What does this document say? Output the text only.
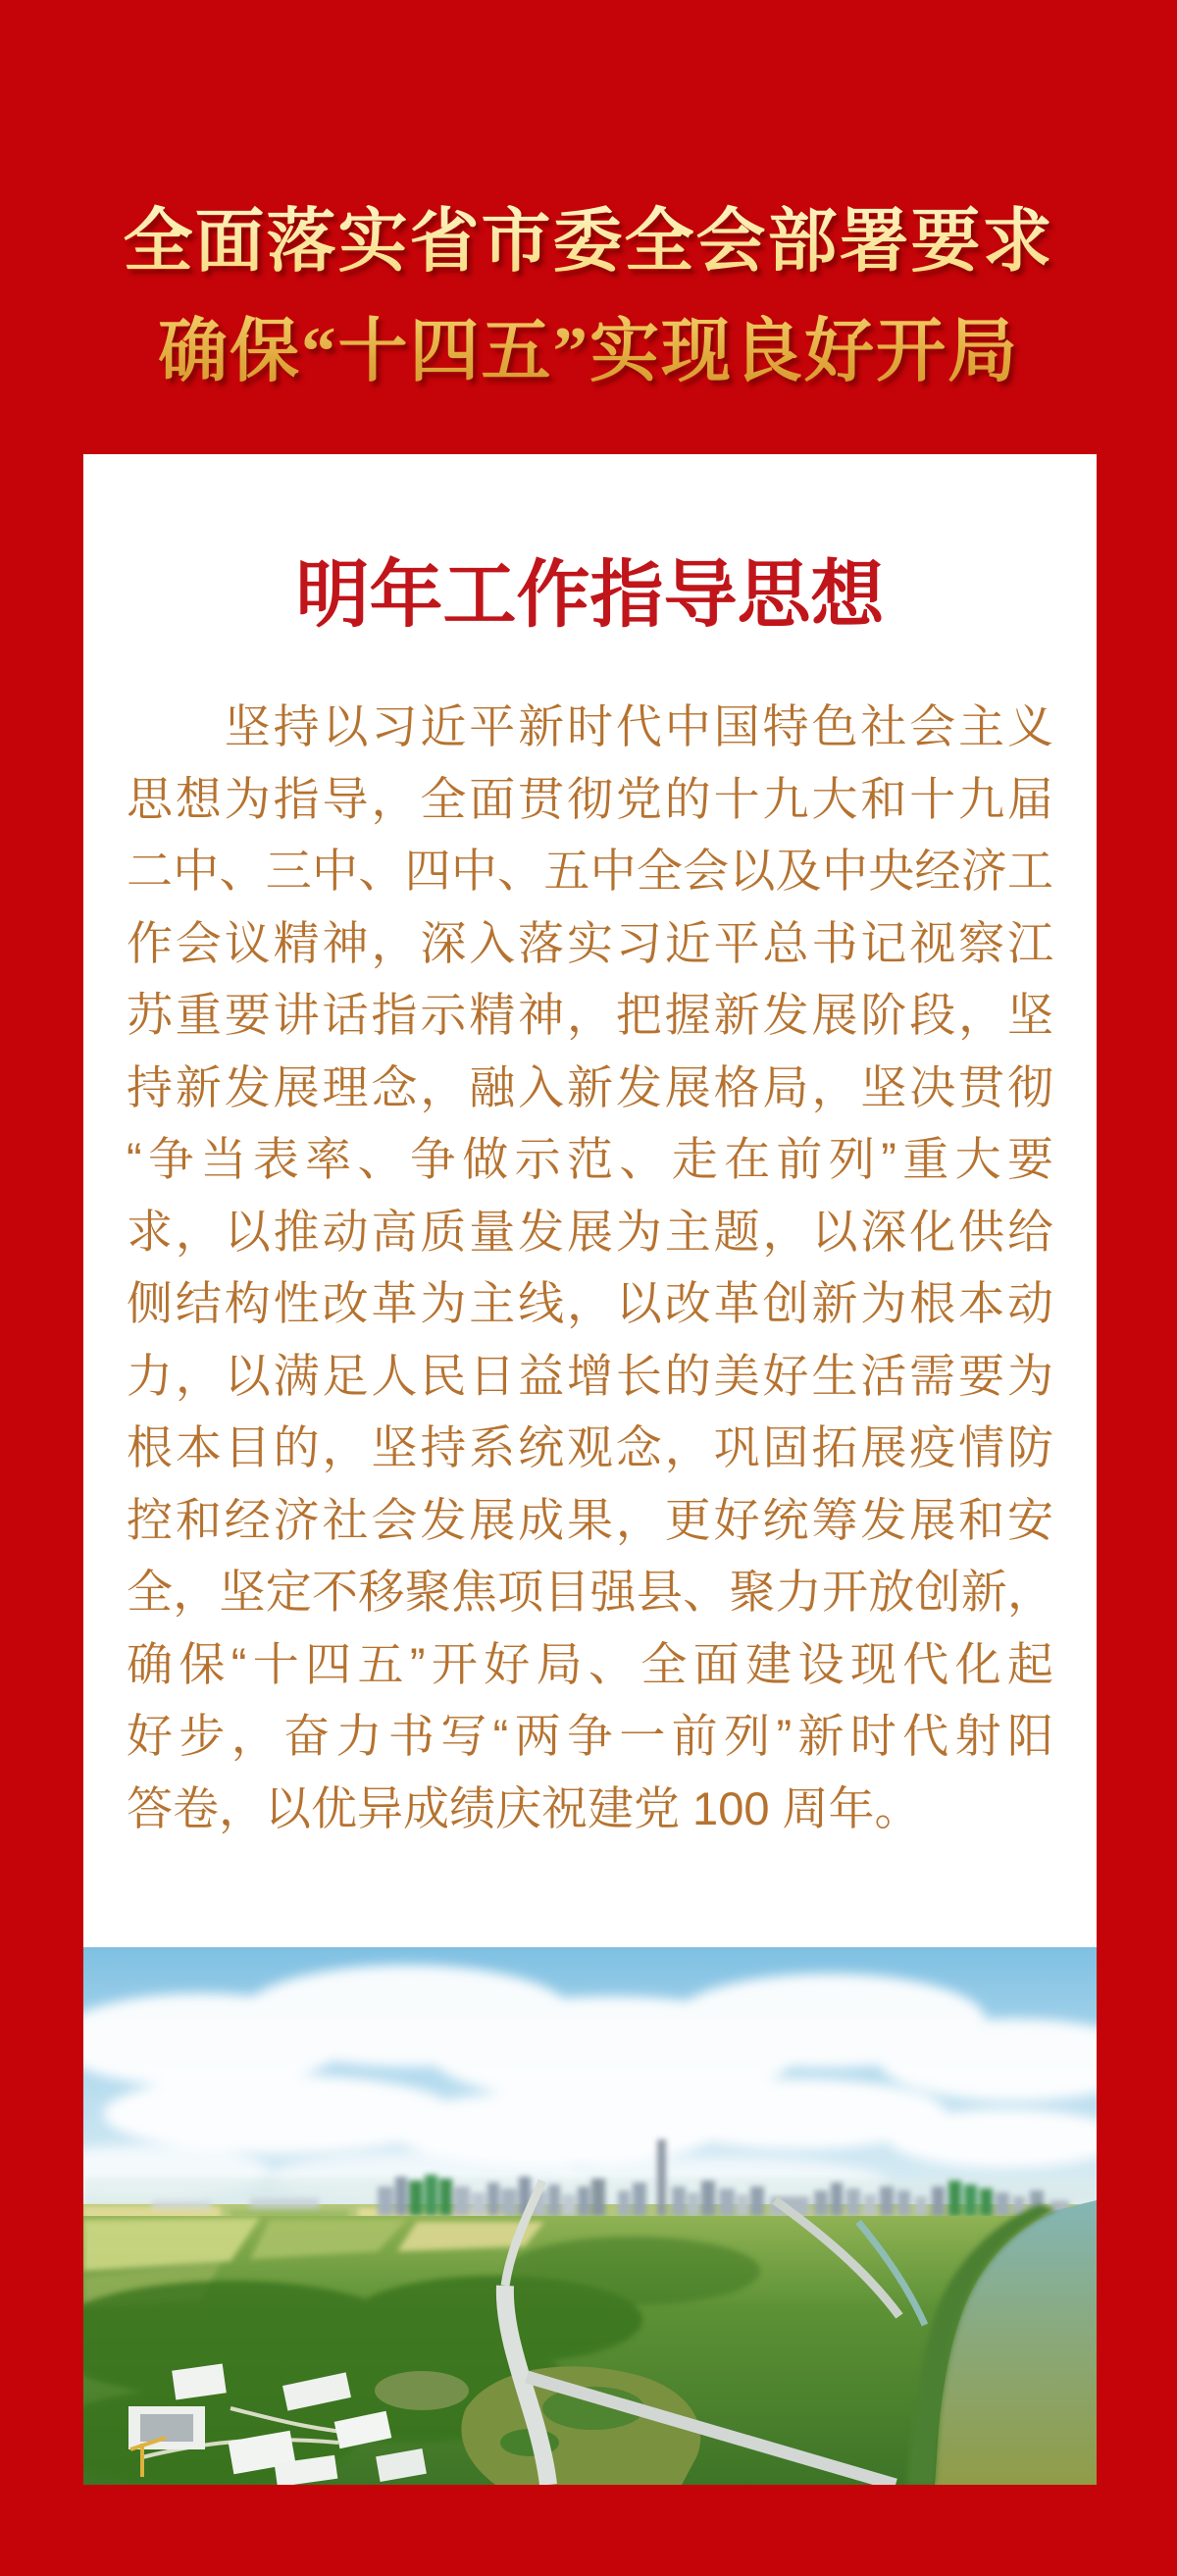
全面落实省市委全会部署要求
确保“十四五”实现良好开局
明年工作指导思想
　　坚持以习近平新时代中国特色社会主义
思想为指导，全面贯彻党的十九大和十九届
二中、三中、四中、五中全会以及中央经济工
作会议精神，深入落实习近平总书记视察江
苏重要讲话指示精神，把握新发展阶段，坚
持新发展理念，融入新发展格局，坚决贯彻
“争当表率、争做示范、走在前列”重大要
求，以推动高质量发展为主题，以深化供给
侧结构性改革为主线，以改革创新为根本动
力，以满足人民日益增长的美好生活需要为
根本目的，坚持系统观念，巩固拓展疫情防
控和经济社会发展成果，更好统筹发展和安
全，坚定不移聚焦项目强县、聚力开放创新，
确保“十四五”开好局、全面建设现代化起
好步，奋力书写“两争一前列”新时代射阳
答卷，以优异成绩庆祝建党 100 周年。
